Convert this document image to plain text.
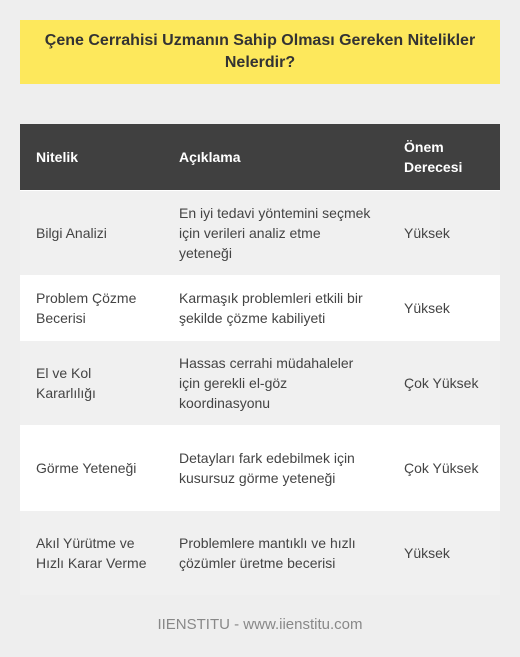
Çene Cerrahisi Uzmanın Sahip Olması Gereken Nitelikler Nelerdir?
Nitelik	Açıklama	Önem Derecesi
Bilgi Analizi	En iyi tedavi yöntemini seçmek için verileri analiz etme yeteneği	Yüksek
Problem Çözme Becerisi	Karmaşık problemleri etkili bir şekilde çözme kabiliyeti	Yüksek
El ve Kol Kararlılığı	Hassas cerrahi müdahaleler için gerekli el-göz koordinasyonu	Çok Yüksek
Görme Yeteneği	Detayları fark edebilmek için kusursuz görme yeteneği	Çok Yüksek
Akıl Yürütme ve Hızlı Karar Verme	Problemlere mantıklı ve hızlı çözümler üretme becerisi	Yüksek
IIENSTITU - www.iienstitu.com
